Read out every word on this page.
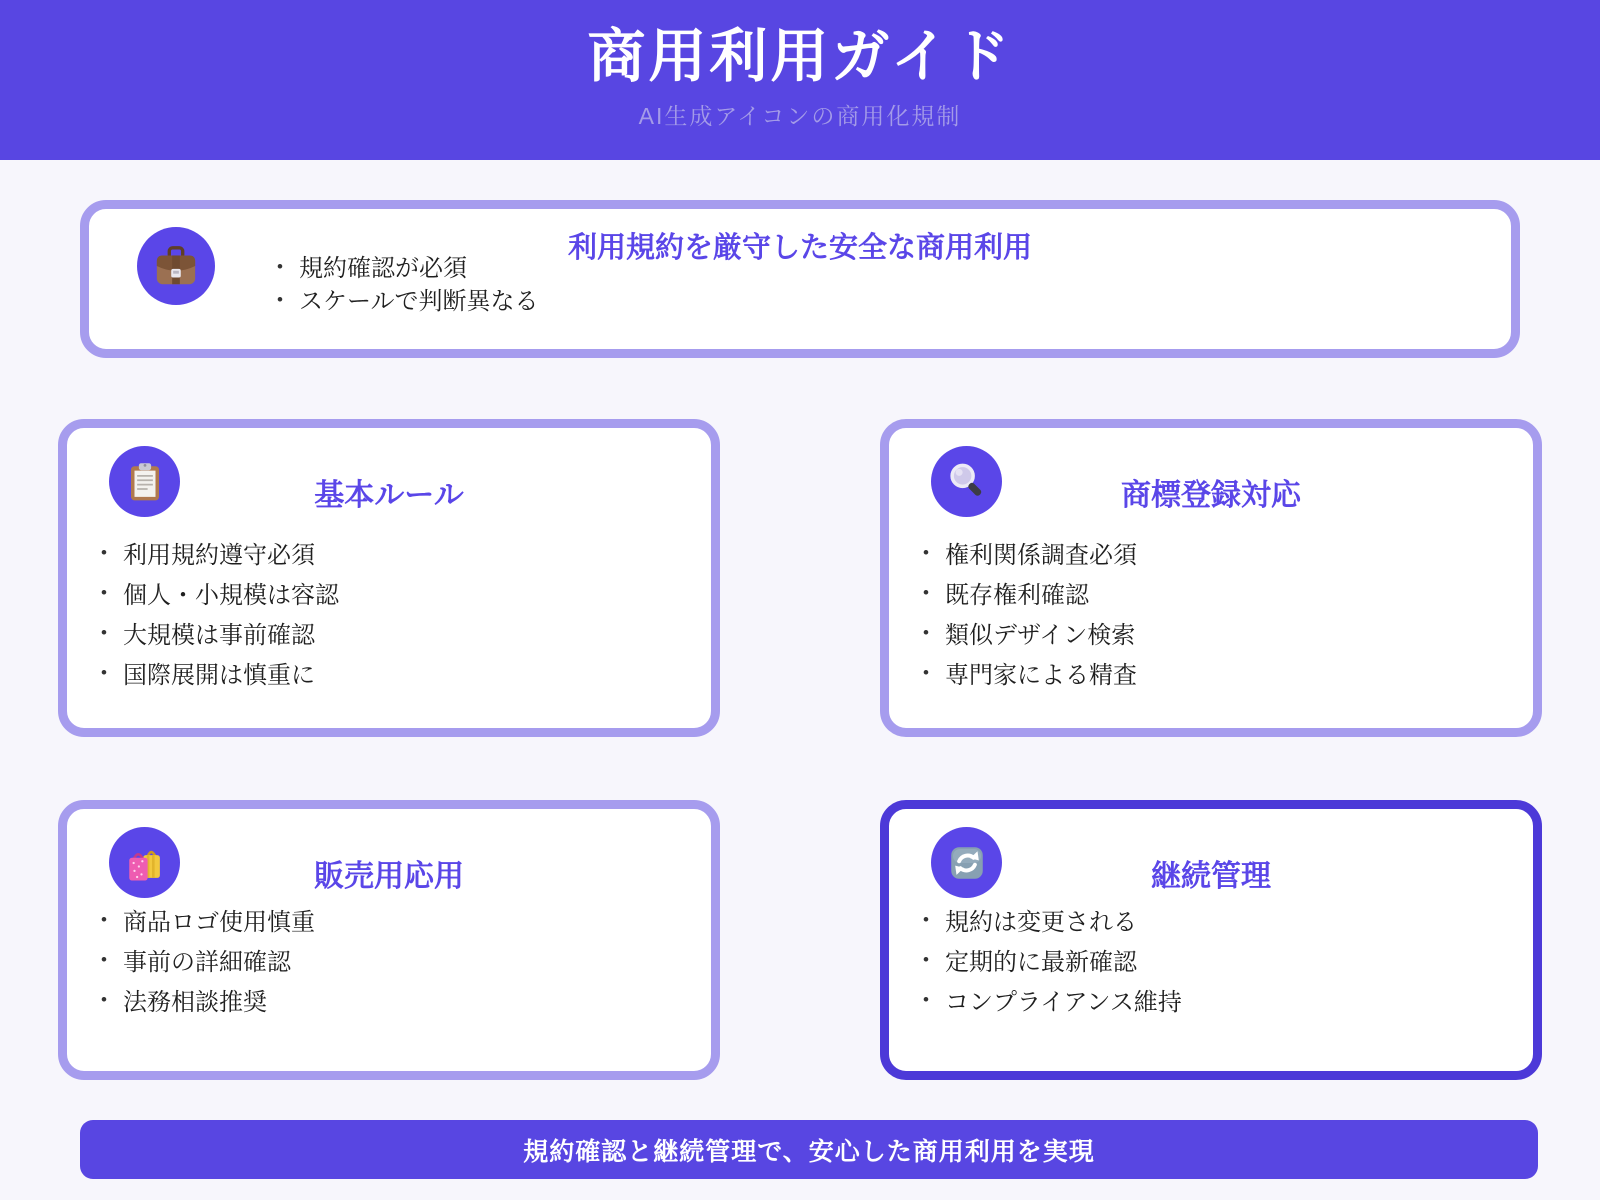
商用利用ガイド
AI生成アイコンの商用化規制
利用規約を厳守した安全な商用利用
• 規約確認が必須
• スケールで判断異なる
基本ルール
• 利用規約遵守必須
• 個人・小規模は容認
• 大規模は事前確認
• 国際展開は慎重に
商標登録対応
• 権利関係調査必須
• 既存権利確認
• 類似デザイン検索
• 専門家による精査
販売用応用
• 商品ロゴ使用慎重
• 事前の詳細確認
• 法務相談推奨
継続管理
• 規約は変更される
• 定期的に最新確認
• コンプライアンス維持
規約確認と継続管理で、安心した商用利用を実現
